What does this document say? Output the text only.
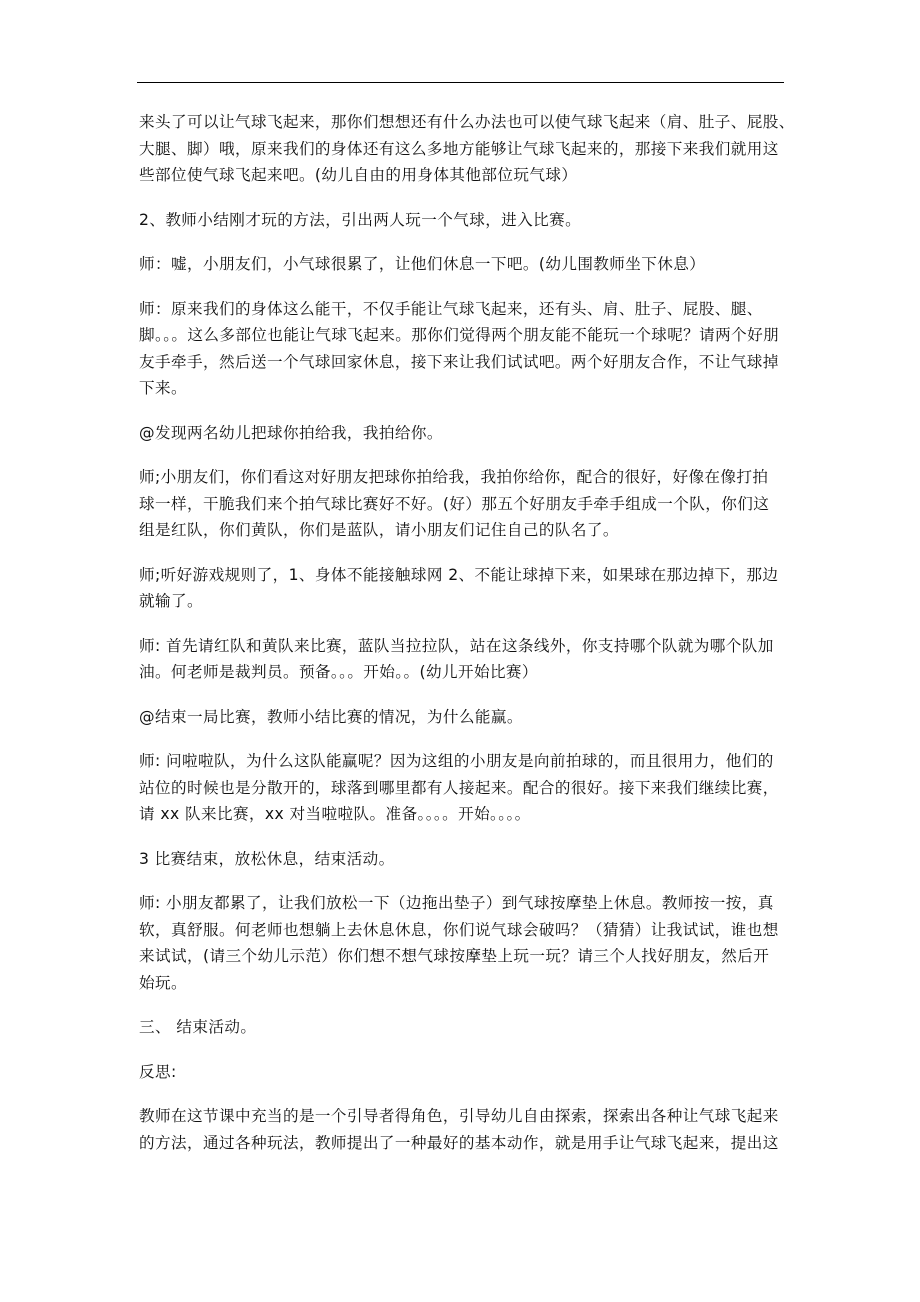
来头了可以让气球飞起来，那你们想想还有什么办法也可以使气球飞起来（肩、肚子、屁股、
大腿、脚）哦，原来我们的身体还有这么多地方能够让气球飞起来的，那接下来我们就用这
些部位使气球飞起来吧。(幼儿自由的用身体其他部位玩气球）

2、教师小结刚才玩的方法，引出两人玩一个气球，进入比赛。

师：嘘，小朋友们，小气球很累了，让他们休息一下吧。(幼儿围教师坐下休息）

师：原来我们的身体这么能干，不仅手能让气球飞起来，还有头、肩、肚子、屁股、腿、
脚。。。这么多部位也能让气球飞起来。那你们觉得两个朋友能不能玩一个球呢？请两个好朋
友手牵手，然后送一个气球回家休息，接下来让我们试试吧。两个好朋友合作，不让气球掉
下来。

@发现两名幼儿把球你拍给我，我拍给你。

师;小朋友们，你们看这对好朋友把球你拍给我，我拍你给你，配合的很好，好像在像打拍
球一样，干脆我们来个拍气球比赛好不好。(好）那五个好朋友手牵手组成一个队，你们这
组是红队，你们黄队，你们是蓝队，请小朋友们记住自己的队名了。

师;听好游戏规则了，1、身体不能接触球网 2、不能让球掉下来，如果球在那边掉下，那边
就输了。

师: 首先请红队和黄队来比赛，蓝队当拉拉队，站在这条线外，你支持哪个队就为哪个队加
油。何老师是裁判员。预备。。。开始。。(幼儿开始比赛）

@结束一局比赛，教师小结比赛的情况，为什么能赢。

师: 问啦啦队，为什么这队能赢呢？因为这组的小朋友是向前拍球的，而且很用力，他们的
站位的时候也是分散开的，球落到哪里都有人接起来。配合的很好。接下来我们继续比赛，
请 xx 队来比赛，xx 对当啦啦队。准备。。。。开始。。。。

3 比赛结束，放松休息，结束活动。

师: 小朋友都累了，让我们放松一下（边拖出垫子）到气球按摩垫上休息。教师按一按，真
软，真舒服。何老师也想躺上去休息休息，你们说气球会破吗？（猜猜）让我试试，谁也想
来试试，(请三个幼儿示范）你们想不想气球按摩垫上玩一玩？请三个人找好朋友，然后开
始玩。

三、 结束活动。

反思:

教师在这节课中充当的是一个引导者得角色，引导幼儿自由探索，探索出各种让气球飞起来
的方法，通过各种玩法，教师提出了一种最好的基本动作，就是用手让气球飞起来，提出这
